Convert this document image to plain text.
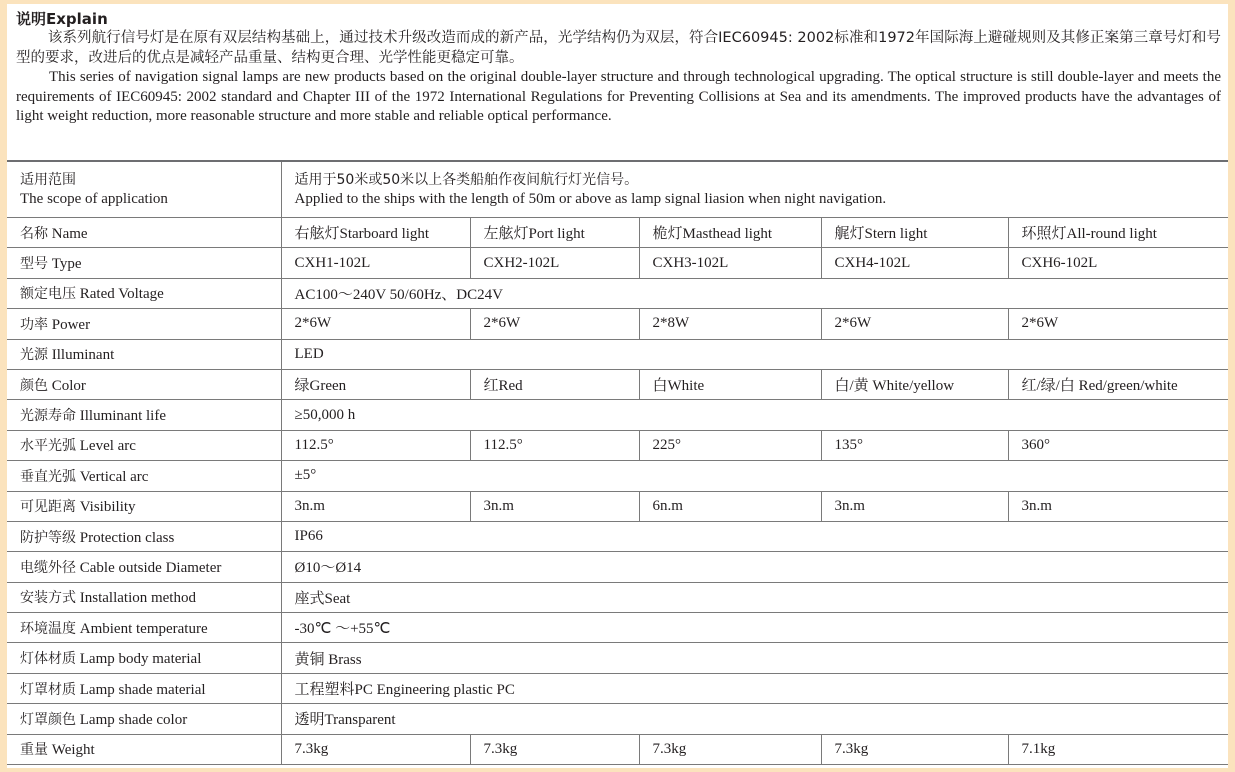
说明Explain

该系列航行信号灯是在原有双层结构基础上，通过技术升级改造而成的新产品，光学结构仍为双层，符合IEC60945: 2002标准和1972年国际海上避碰规则及其修正案第三章号灯和号型的要求，改进后的优点是减轻产品重量、结构更合理、光学性能更稳定可靠。

This series of navigation signal lamps are new products based on the original double-layer structure and through technological upgrading. The optical structure is still double-layer and meets the requirements of IEC60945: 2002 standard and Chapter III of the 1972 International Regulations for Preventing Collisions at Sea and its amendments. The improved products have the advantages of light weight reduction, more reasonable structure and more stable and reliable optical performance.

适用范围
The scope of application	适用于50米或50米以上各类船舶作夜间航行灯光信号。
Applied to the ships with the length of 50m or above as lamp signal liasion when night navigation.				
名称 Name	右舷灯Starboard light	左舷灯Port light	桅灯Masthead light	艉灯Stern light	环照灯All-round light
型号 Type	CXH1-102L	CXH2-102L	CXH3-102L	CXH4-102L	CXH6-102L
额定电压 Rated Voltage	AC100～240V 50/60Hz、DC24V				
功率 Power	2*6W	2*6W	2*8W	2*6W	2*6W
光源 Illuminant	LED				
颜色 Color	绿Green	红Red	白White	白/黄 White/yellow	红/绿/白 Red/green/white
光源寿命 Illuminant life	≥50,000 h				
水平光弧 Level arc	112.5°	112.5°	225°	135°	360°
垂直光弧 Vertical arc	±5°				
可见距离 Visibility	3n.m	3n.m	6n.m	3n.m	3n.m
防护等级 Protection class	IP66				
电缆外径 Cable outside Diameter	Ø10～Ø14				
安装方式 Installation method	座式Seat				
环境温度 Ambient temperature	-30℃ ～+55℃				
灯体材质 Lamp body material	黄铜 Brass				
灯罩材质 Lamp shade material	工程塑料PC Engineering plastic PC				
灯罩颜色 Lamp shade color	透明Transparent				
重量 Weight	7.3kg	7.3kg	7.3kg	7.3kg	7.1kg
